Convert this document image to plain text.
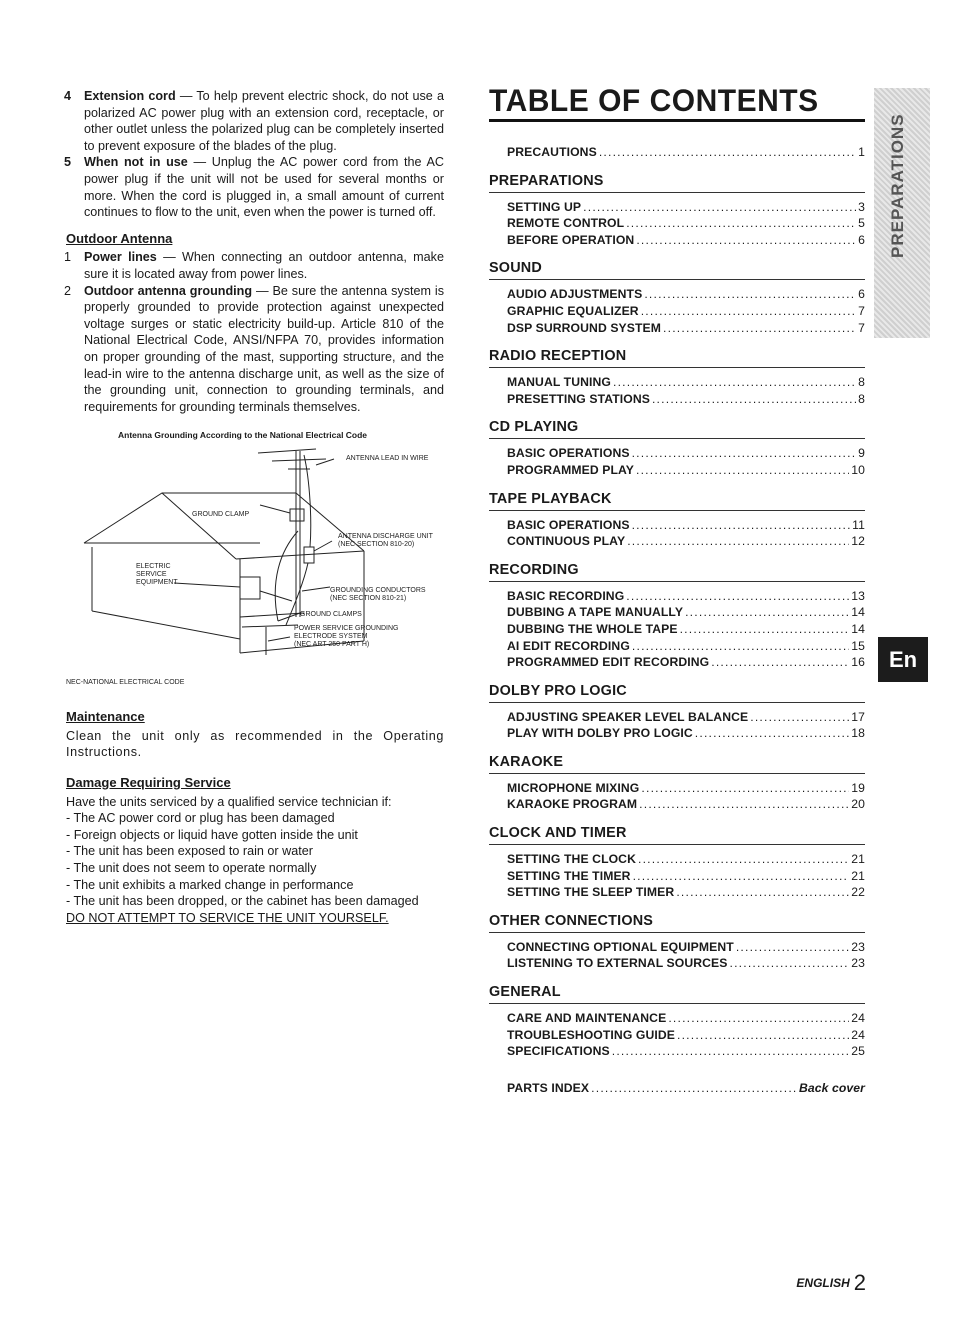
4	Extension cord — To help prevent electric shock, do not use a polarized AC power plug with an extension cord, receptacle, or other outlet unless the polarized plug can be completely inserted to prevent exposure of the blades of the plug.
5	When not in use — Unplug the AC power cord from the AC power plug if the unit will not be used for several months or more. When the cord is plugged in, a small amount of current continues to flow to the unit, even when the power is turned off.
Outdoor Antenna
1	Power lines — When connecting an outdoor antenna, make sure it is located away from power lines.
2	Outdoor antenna grounding — Be sure the antenna system is properly grounded to provide protection against unexpected voltage surges or static electricity build-up. Article 810 of the National Electrical Code, ANSI/NFPA 70, provides information on proper grounding of the mast, supporting structure, and the lead-in wire to the antenna discharge unit, as well as the size of the grounding unit, connection to grounding terminals, and requirements for grounding terminals themselves.
Antenna Grounding According to the National Electrical Code
ANTENNA LEAD IN WIRE
GROUND CLAMP
ANTENNA DISCHARGE UNIT
(NEC SECTION 810-20)
ELECTRIC
SERVICE
EQUIPMENT
GROUNDING CONDUCTORS
(NEC SECTION 810-21)
GROUND CLAMPS
POWER SERVICE GROUNDING
ELECTRODE SYSTEM
(NEC ART 250 PART H)
NEC-NATIONAL ELECTRICAL CODE
Maintenance
Clean the unit only as recommended in the Operating Instructions.
Damage Requiring Service
Have the units serviced by a qualified service technician if:
- The AC power cord or plug has been damaged
- Foreign objects or liquid have gotten inside the unit
- The unit has been exposed to rain or water
- The unit does not seem to operate normally
- The unit exhibits a marked change in performance
- The unit has been dropped, or the cabinet has been damaged
DO NOT ATTEMPT TO SERVICE THE UNIT YOURSELF.
TABLE OF CONTENTS
PRECAUTIONS .....	1
PREPARATIONS
SETTING UP .....	3
REMOTE CONTROL .....	5
BEFORE OPERATION .....	6
SOUND
AUDIO ADJUSTMENTS .....	6
GRAPHIC EQUALIZER .....	7
DSP SURROUND SYSTEM .....	7
RADIO RECEPTION
MANUAL TUNING .....	8
PRESETTING STATIONS .....	8
CD PLAYING
BASIC OPERATIONS .....	9
PROGRAMMED PLAY .....	10
TAPE PLAYBACK
BASIC OPERATIONS .....	11
CONTINUOUS PLAY .....	12
RECORDING
BASIC RECORDING .....	13
DUBBING A TAPE MANUALLY .....	14
DUBBING THE WHOLE TAPE .....	14
AI EDIT RECORDING .....	15
PROGRAMMED EDIT RECORDING .....	16
DOLBY PRO LOGIC
ADJUSTING SPEAKER LEVEL BALANCE .....	17
PLAY WITH DOLBY PRO LOGIC .....	18
KARAOKE
MICROPHONE MIXING .....	19
KARAOKE PROGRAM .....	20
CLOCK AND TIMER
SETTING THE CLOCK .....	21
SETTING THE TIMER .....	21
SETTING THE SLEEP TIMER .....	22
OTHER CONNECTIONS
CONNECTING OPTIONAL EQUIPMENT .....	23
LISTENING TO EXTERNAL SOURCES .....	23
GENERAL
CARE AND MAINTENANCE .....	24
TROUBLESHOOTING GUIDE .....	24
SPECIFICATIONS .....	25
PARTS INDEX .....	Back cover
PREPARATIONS
En
ENGLISH 2
